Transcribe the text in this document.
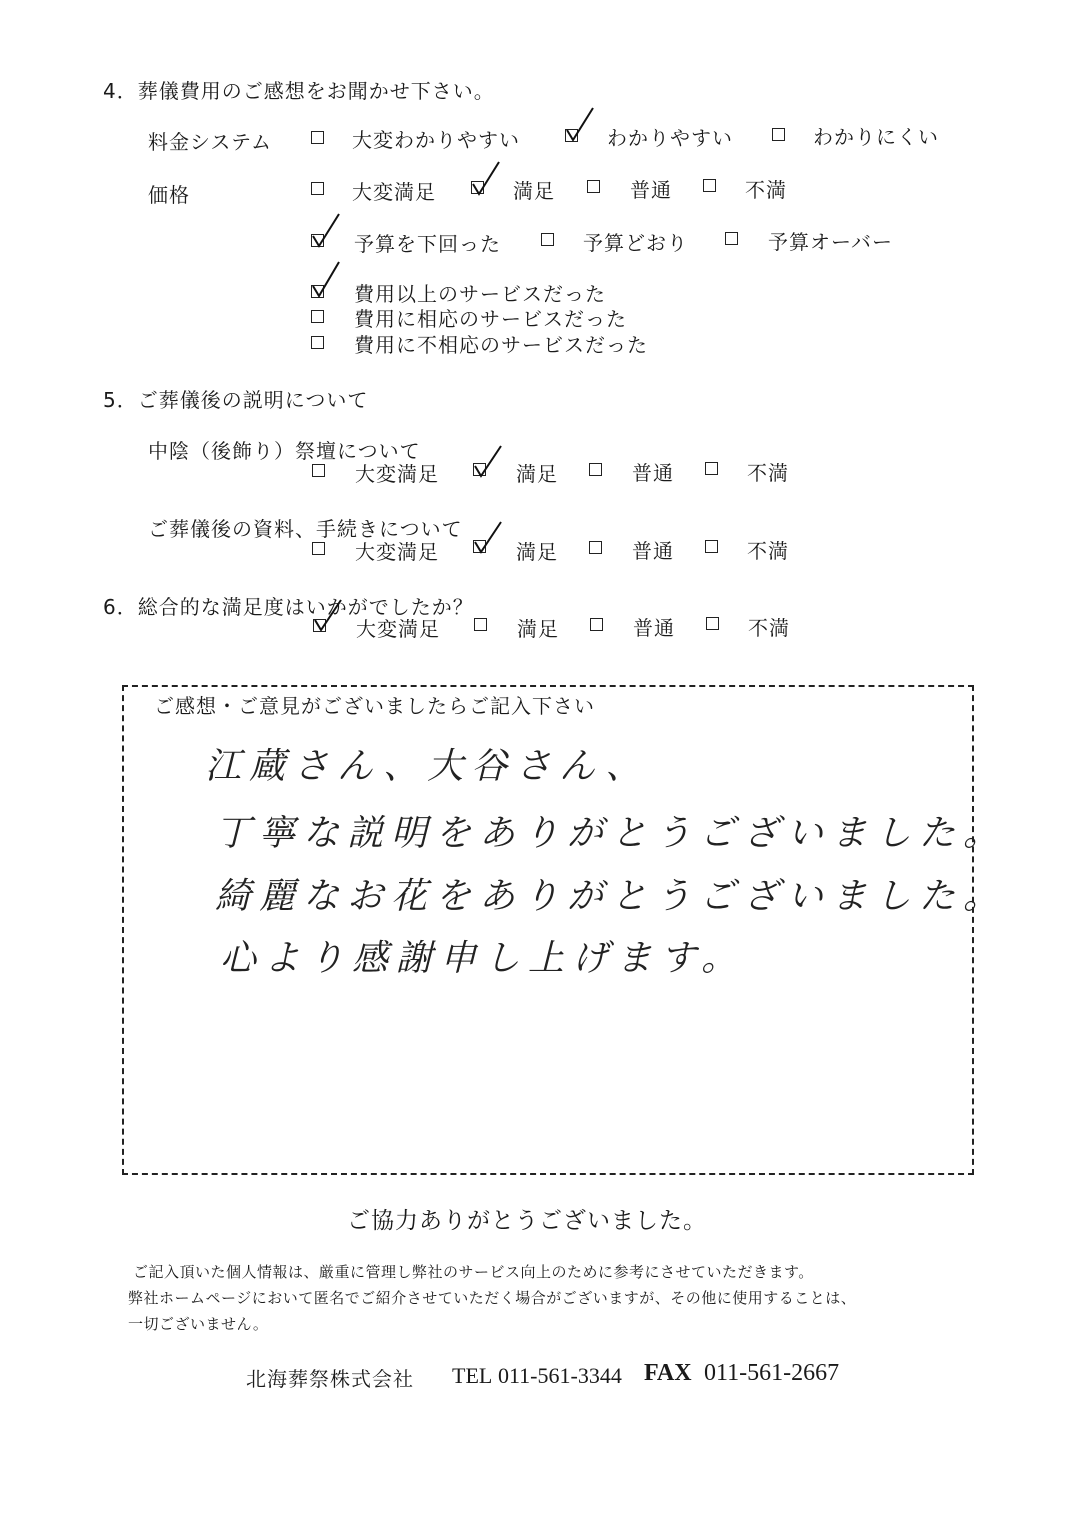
4．葬儀費用のご感想をお聞かせ下さい。
料金システム	大変わかりやすい	わかりやすい	わかりにくい
価格	大変満足	満足	普通	不満
予算を下回った	予算どおり	予算オーバー
費用以上のサービスだった
費用に相応のサービスだった
費用に不相応のサービスだった
5．ご葬儀後の説明について
中陰（後飾り）祭壇について
大変満足	満足	普通	不満
ご葬儀後の資料、手続きについて
大変満足	満足	普通	不満
6．総合的な満足度はいかがでしたか？
大変満足	満足	普通	不満
ご感想・ご意見がございましたらご記入下さい
江蔵さん、大谷さん、
丁寧な説明をありがとうございました。
綺麗なお花をありがとうございました。
心より感謝申し上げます。
ご協力ありがとうございました。
ご記入頂いた個人情報は、厳重に管理し弊社のサービス向上のために参考にさせていただきます。
弊社ホームページにおいて匿名でご紹介させていただく場合がございますが、その他に使用することは、
一切ございません。
北海葬祭株式会社 TEL 011-561-3344 FAX 011-561-2667
